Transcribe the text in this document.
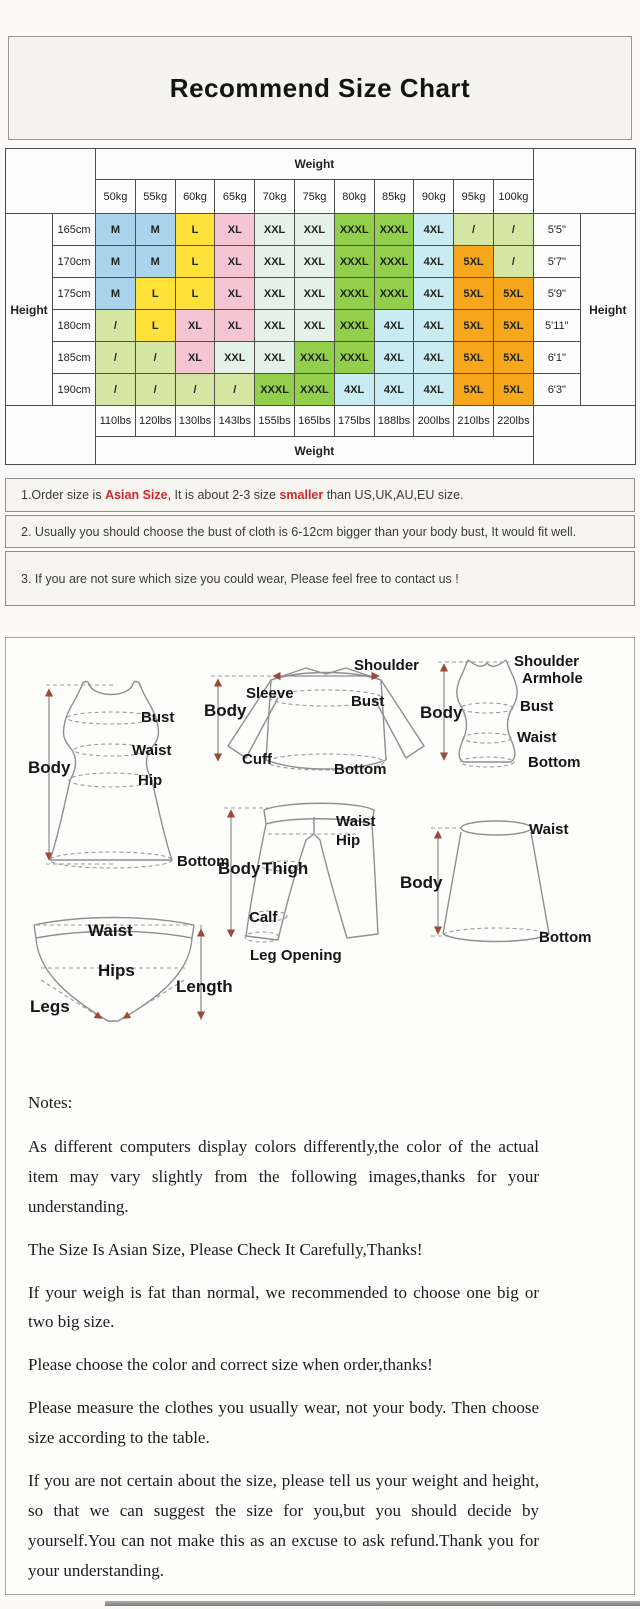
Recommend Size Chart
		Weight												
		50kg	55kg	60kg	65kg	70kg	75kg	80kg	85kg	90kg	95kg	100kg		
Height	165cm	M	M	L	XL	XXL	XXL	XXXL	XXXL	4XL	/	/	5'5"	Height
	170cm	M	M	L	XL	XXL	XXL	XXXL	XXXL	4XL	5XL	/	5'7"	
	175cm	M	L	L	XL	XXL	XXL	XXXL	XXXL	4XL	5XL	5XL	5'9"	
	180cm	/	L	XL	XL	XXL	XXL	XXXL	4XL	4XL	5XL	5XL	5'11"	
	185cm	/	/	XL	XXL	XXL	XXXL	XXXL	4XL	4XL	5XL	5XL	6'1"	
	190cm	/	/	/	/	XXXL	XXXL	4XL	4XL	4XL	5XL	5XL	6'3"	
		110lbs	120lbs	130lbs	143lbs	155lbs	165lbs	175lbs	188lbs	200lbs	210lbs	220lbs		
		Weight												
1.Order size is Asian Size, It is about 2-3 size smaller than US,UK,AU,EU size.
2. Usually you should choose the bust of cloth is 6-12cm bigger than your body bust, It would fit well.
3. If you are not sure which size you could wear, Please feel free to contact us !
Bust
Waist
Body
Hip
Bottom
Shoulder
Sleeve
Body	Bust
Cuff
Bottom
Shoulder
Armhole
Body	Bust
Waist
Bottom
Waist
Hip
Body Thigh
Calf
Leg Opening
Waist
Hips
Legs
Length
Waist
Body
Bottom

Notes:

As different computers display colors differently,the color of the actual item may vary slightly from the following images,thanks for your understanding.

The Size Is Asian Size, Please Check It Carefully,Thanks!

If your weigh is fat than normal, we recommended to choose one big or two big size.

Please choose the color and correct size when order,thanks!

Please measure the clothes you usually wear, not your body. Then choose size according to the table.

If you are not certain about the size, please tell us your weight and height, so that we can suggest the size for you,but you should decide by yourself.You can not make this as an excuse to ask refund.Thank you for your understanding.
